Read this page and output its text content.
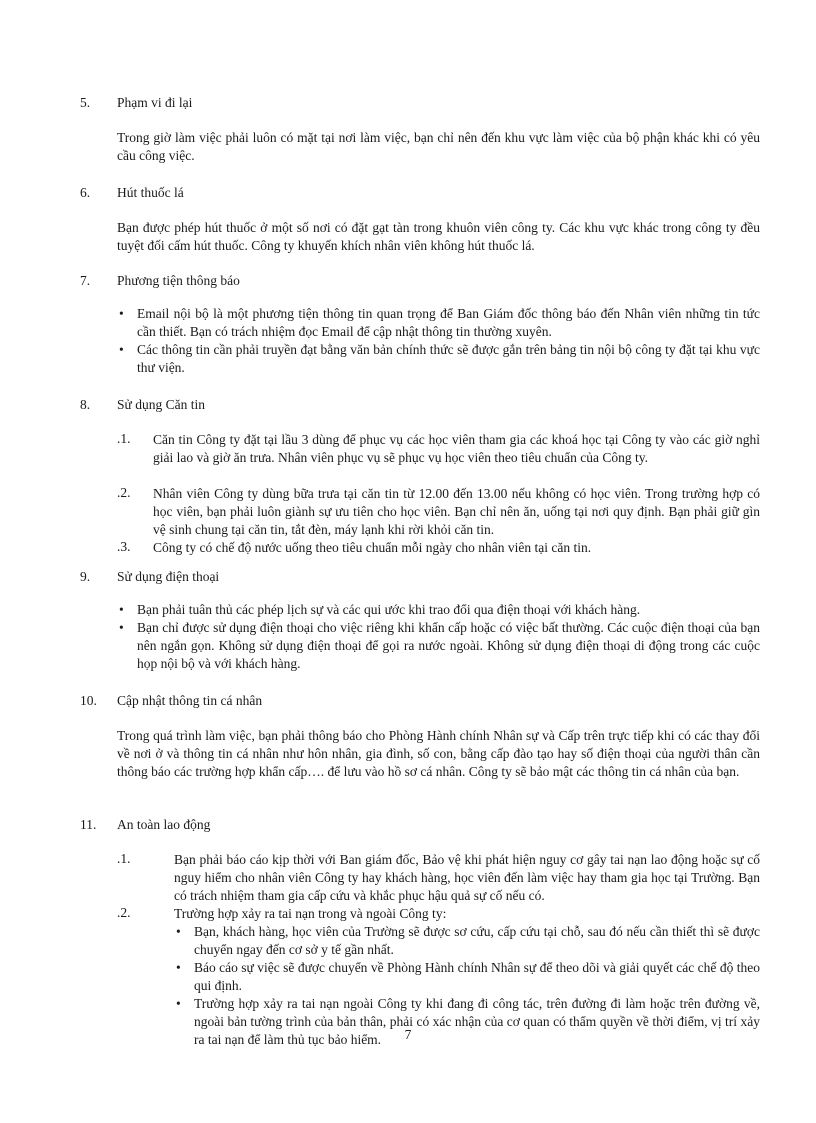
5. Phạm vi đi lại

Trong giờ làm việc phải luôn có mặt tại nơi làm việc, bạn chỉ nên đến khu vực làm việc của bộ phận khác khi có yêu cầu công việc.

6. Hút thuốc lá

Bạn được phép hút thuốc ở một số nơi có đặt gạt tàn trong khuôn viên công ty. Các khu vực khác trong công ty đều tuyệt đối cấm hút thuốc. Công ty khuyến khích nhân viên không hút thuốc lá.

7. Phương tiện thông báo
• Email nội bộ là một phương tiện thông tin quan trọng để Ban Giám đốc thông báo đến Nhân viên những tin tức cần thiết. Bạn có trách nhiệm đọc Email để cập nhật thông tin thường xuyên.
• Các thông tin cần phải truyền đạt bằng văn bản chính thức sẽ được gắn trên bảng tin nội bộ công ty đặt tại khu vực thư viện.
8. Sử dụng Căn tin
.1. Căn tin Công ty đặt tại lầu 3 dùng để phục vụ các học viên tham gia các khoá học tại Công ty vào các giờ nghỉ giải lao và giờ ăn trưa. Nhân viên phục vụ sẽ phục vụ học viên theo tiêu chuẩn của Công ty.

.2. Nhân viên Công ty dùng bữa trưa tại căn tin từ 12.00 đến 13.00 nếu không có học viên. Trong trường hợp có học viên, bạn phải luôn giành sự ưu tiên cho học viên. Bạn chỉ nên ăn, uống tại nơi quy định. Bạn phải giữ gìn vệ sinh chung tại căn tin, tắt đèn, máy lạnh khi rời khỏi căn tin.

.3. Công ty có chế độ nước uống theo tiêu chuẩn mỗi ngày cho nhân viên tại căn tin.

9. Sử dụng điện thoại
• Bạn phải tuân thủ các phép lịch sự và các qui ước khi trao đổi qua điện thoại với khách hàng.
• Bạn chỉ được sử dụng điện thoại cho việc riêng khi khẩn cấp hoặc có việc bất thường. Các cuộc điện thoại của bạn nên ngắn gọn. Không sử dụng điện thoại để gọi ra nước ngoài. Không sử dụng điện thoại di động trong các cuộc họp nội bộ và với khách hàng.
10. Cập nhật thông tin cá nhân

Trong quá trình làm việc, bạn phải thông báo cho Phòng Hành chính Nhân sự và Cấp trên trực tiếp khi có các thay đổi về nơi ở và thông tin cá nhân như hôn nhân, gia đình, số con, bằng cấp đào tạo hay số điện thoại của người thân cần thông báo các trường hợp khẩn cấp…. để lưu vào hồ sơ cá nhân. Công ty sẽ bảo mật các thông tin cá nhân của bạn.

11. An toàn lao động
.1.	Bạn phải báo cáo kịp thời với Ban giám đốc, Bảo vệ khi phát hiện nguy cơ gây tai nạn lao động hoặc sự cố nguy hiểm cho nhân viên Công ty hay khách hàng, học viên đến làm việc hay tham gia học tại Trường. Bạn có trách nhiệm tham gia cấp cứu và khắc phục hậu quả sự cố nếu có.

.2.	Trường hợp xảy ra tai nạn trong và ngoài Công ty:

• Bạn, khách hàng, học viên của Trường sẽ được sơ cứu, cấp cứu tại chỗ, sau đó nếu cần thiết thì sẽ được chuyển ngay đến cơ sở y tế gần nhất.
• Báo cáo sự việc sẽ được chuyển về Phòng Hành chính Nhân sự để theo dõi và giải quyết các chế độ theo qui định.
• Trường hợp xảy ra tai nạn ngoài Công ty khi đang đi công tác, trên đường đi làm hoặc trên đường về, ngoài bản tường trình của bản thân, phải có xác nhận của cơ quan có thẩm quyền về thời điểm, vị trí xảy ra tai nạn để làm thủ tục bảo hiểm.	7
